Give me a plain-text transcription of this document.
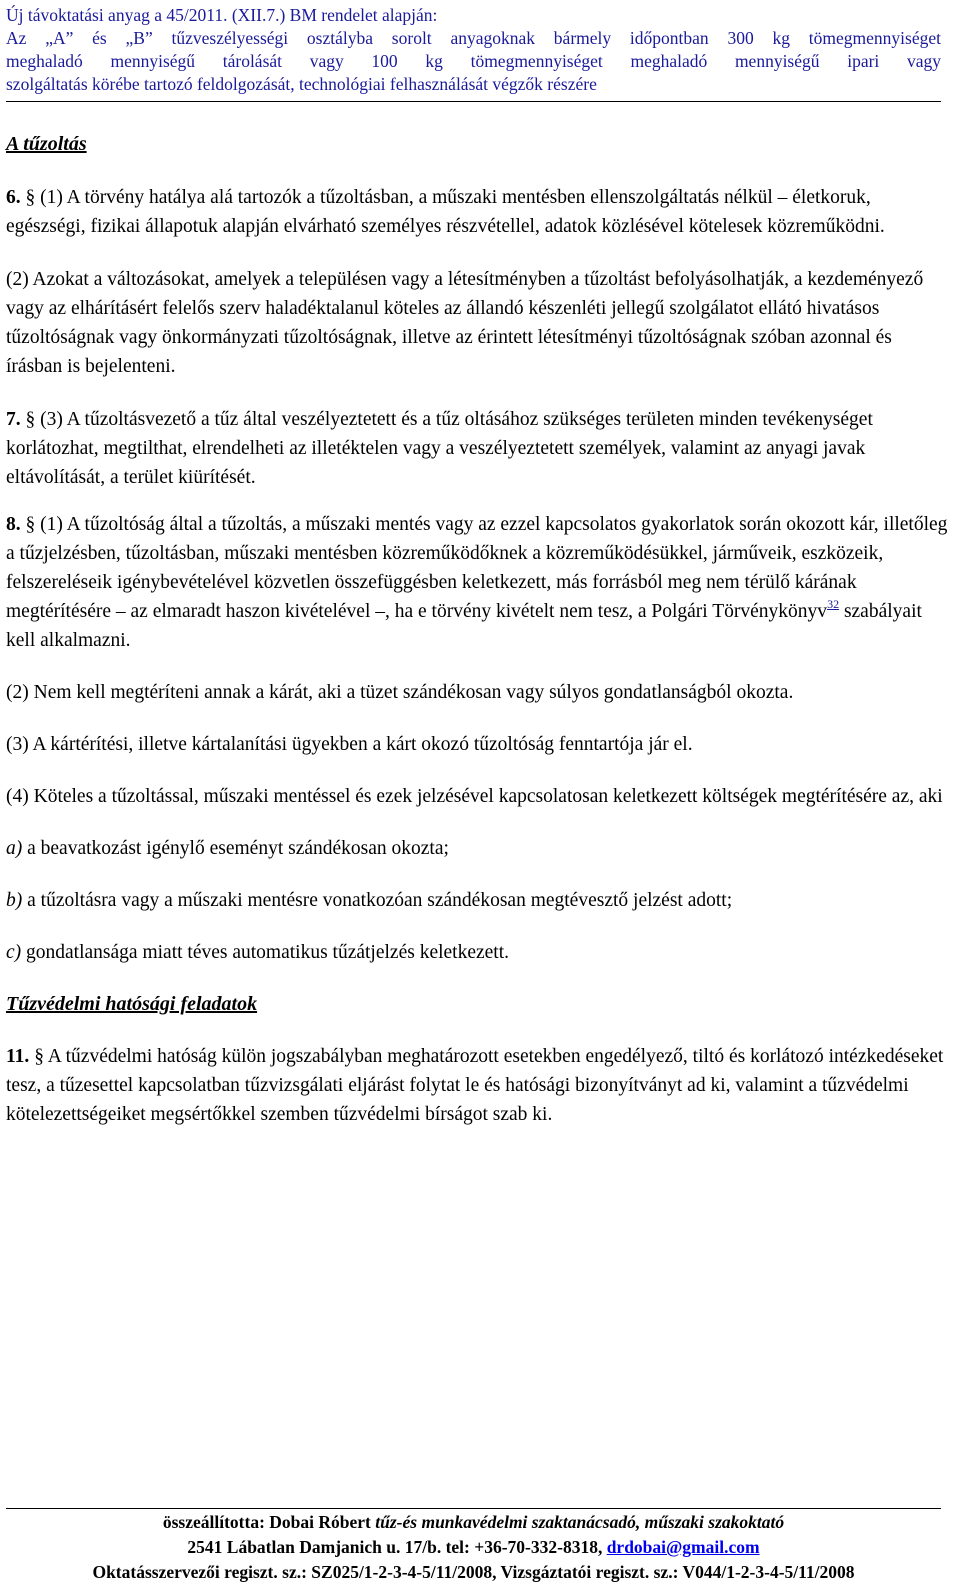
Új távoktatási anyag a 45/2011. (XII.7.) BM rendelet alapján:
Az „A” és „B” tűzveszélyességi osztályba sorolt anyagoknak bármely időpontban 300 kg tömegmennyiséget
meghaladó mennyiségű tárolását vagy 100 kg tömegmennyiséget meghaladó mennyiségű ipari vagy
szolgáltatás körébe tartozó feldolgozását, technológiai felhasználását végzők részére

A tűzoltás

6. § (1) A törvény hatálya alá tartozók a tűzoltásban, a műszaki mentésben ellenszolgáltatás nélkül – életkoruk, egészségi, fizikai állapotuk alapján elvárható személyes részvétellel, adatok közlésével kötelesek közreműködni.

(2) Azokat a változásokat, amelyek a településen vagy a létesítményben a tűzoltást befolyásolhatják, a kezdeményező vagy az elhárításért felelős szerv haladéktalanul köteles az állandó készenléti jellegű szolgálatot ellátó hivatásos tűzoltóságnak vagy önkormányzati tűzoltóságnak, illetve az érintett létesítményi tűzoltóságnak szóban azonnal és írásban is bejelenteni.

7. § (3) A tűzoltásvezető a tűz által veszélyeztetett és a tűz oltásához szükséges területen minden tevékenységet korlátozhat, megtilthat, elrendelheti az illetéktelen vagy a veszélyeztetett személyek, valamint az anyagi javak eltávolítását, a terület kiürítését.

8. § (1) A tűzoltóság által a tűzoltás, a műszaki mentés vagy az ezzel kapcsolatos gyakorlatok során okozott kár, illetőleg a tűzjelzésben, tűzoltásban, műszaki mentésben közreműködőknek a közreműködésükkel, járműveik, eszközeik, felszereléseik igénybevételével közvetlen összefüggésben keletkezett, más forrásból meg nem térülő kárának megtérítésére – az elmaradt haszon kivételével –, ha e törvény kivételt nem tesz, a Polgári Törvénykönyv$^{32}$ szabályait kell alkalmazni.

(2) Nem kell megtéríteni annak a kárát, aki a tüzet szándékosan vagy súlyos gondatlanságból okozta.

(3) A kártérítési, illetve kártalanítási ügyekben a kárt okozó tűzoltóság fenntartója jár el.

(4) Köteles a tűzoltással, műszaki mentéssel és ezek jelzésével kapcsolatosan keletkezett költségek megtérítésére az, aki

a) a beavatkozást igénylő eseményt szándékosan okozta;

b) a tűzoltásra vagy a műszaki mentésre vonatkozóan szándékosan megtévesztő jelzést adott;

c) gondatlansága miatt téves automatikus tűzátjelzés keletkezett.

Tűzvédelmi hatósági feladatok

11. § A tűzvédelmi hatóság külön jogszabályban meghatározott esetekben engedélyező, tiltó és korlátozó intézkedéseket tesz, a tűzesettel kapcsolatban tűzvizsgálati eljárást folytat le és hatósági bizonyítványt ad ki, valamint a tűzvédelmi kötelezettségeiket megsértőkkel szemben tűzvédelmi bírságot szab ki.

összeállította: Dobai Róbert tűz-és munkavédelmi szaktanácsadó, műszaki szakoktató
2541 Lábatlan Damjanich u. 17/b. tel: +36-70-332-8318, drdobai@gmail.com
Oktatásszervezői regiszt. sz.: SZ025/1-2-3-4-5/11/2008, Vizsgáztatói regiszt. sz.: V044/1-2-3-4-5/11/2008
